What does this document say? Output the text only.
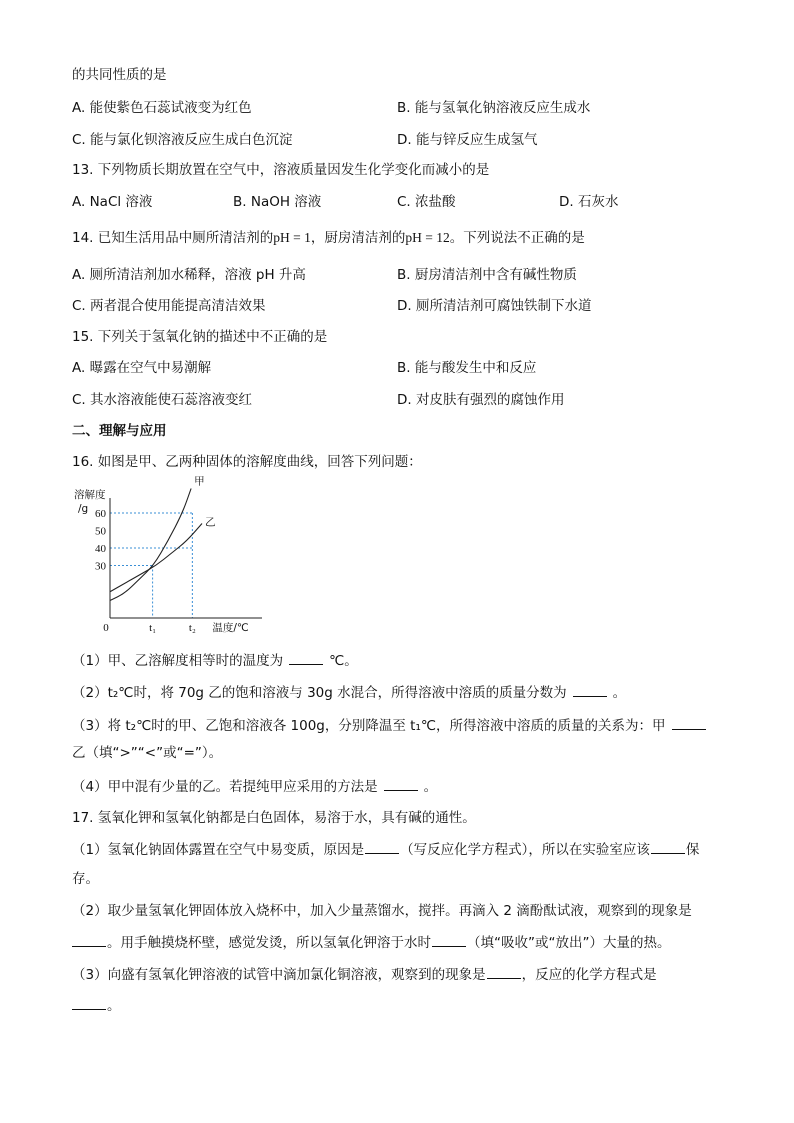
的共同性质的是
A. 能使紫色石蕊试液变为红色	B. 能与氢氧化钠溶液反应生成水
C. 能与氯化钡溶液反应生成白色沉淀	D. 能与锌反应生成氢气
13. 下列物质长期放置在空气中，溶液质量因发生化学变化而减小的是
A. NaCl 溶液	B. NaOH 溶液	C. 浓盐酸	D. 石灰水
14. 已知生活用品中厕所清洁剂的pH = 1，厨房清洁剂的pH = 12。下列说法不正确的是
A. 厕所清洁剂加水稀释，溶液 pH 升高	B. 厨房清洁剂中含有碱性物质
C. 两者混合使用能提高清洁效果	D. 厕所清洁剂可腐蚀铁制下水道
15. 下列关于氢氧化钠的描述中不正确的是
A. 曝露在空气中易潮解	B. 能与酸发生中和反应
C. 其水溶液能使石蕊溶液变红	D. 对皮肤有强烈的腐蚀作用
二、理解与应用
16. 如图是甲、乙两种固体的溶解度曲线，回答下列问题：
30
40
50
60
0	t₁	t₂
溶解度
/g
温度/℃
甲
乙
（1）甲、乙溶解度相等时的温度为	℃。
（2）t₂℃时，将 70g 乙的饱和溶液与 30g 水混合，所得溶液中溶质的质量分数为	。
（3）将 t₂℃时的甲、乙饱和溶液各 100g，分别降温至 t₁℃，所得溶液中溶质的质量的关系为：甲
乙（填“>”“<”或“=”）。
（4）甲中混有少量的乙。若提纯甲应采用的方法是	。
17. 氢氧化钾和氢氧化钠都是白色固体，易溶于水，具有碱的通性。
（1）氢氧化钠固体露置在空气中易变质，原因是	（写反应化学方程式），所以在实验室应该	保
存。
（2）取少量氢氧化钾固体放入烧杯中，加入少量蒸馏水，搅拌。再滴入 2 滴酚酞试液，观察到的现象是
。用手触摸烧杯壁，感觉发烫，所以氢氧化钾溶于水时	（填“吸收”或“放出”）大量的热。
（3）向盛有氢氧化钾溶液的试管中滴加氯化铜溶液，观察到的现象是	，反应的化学方程式是
。
